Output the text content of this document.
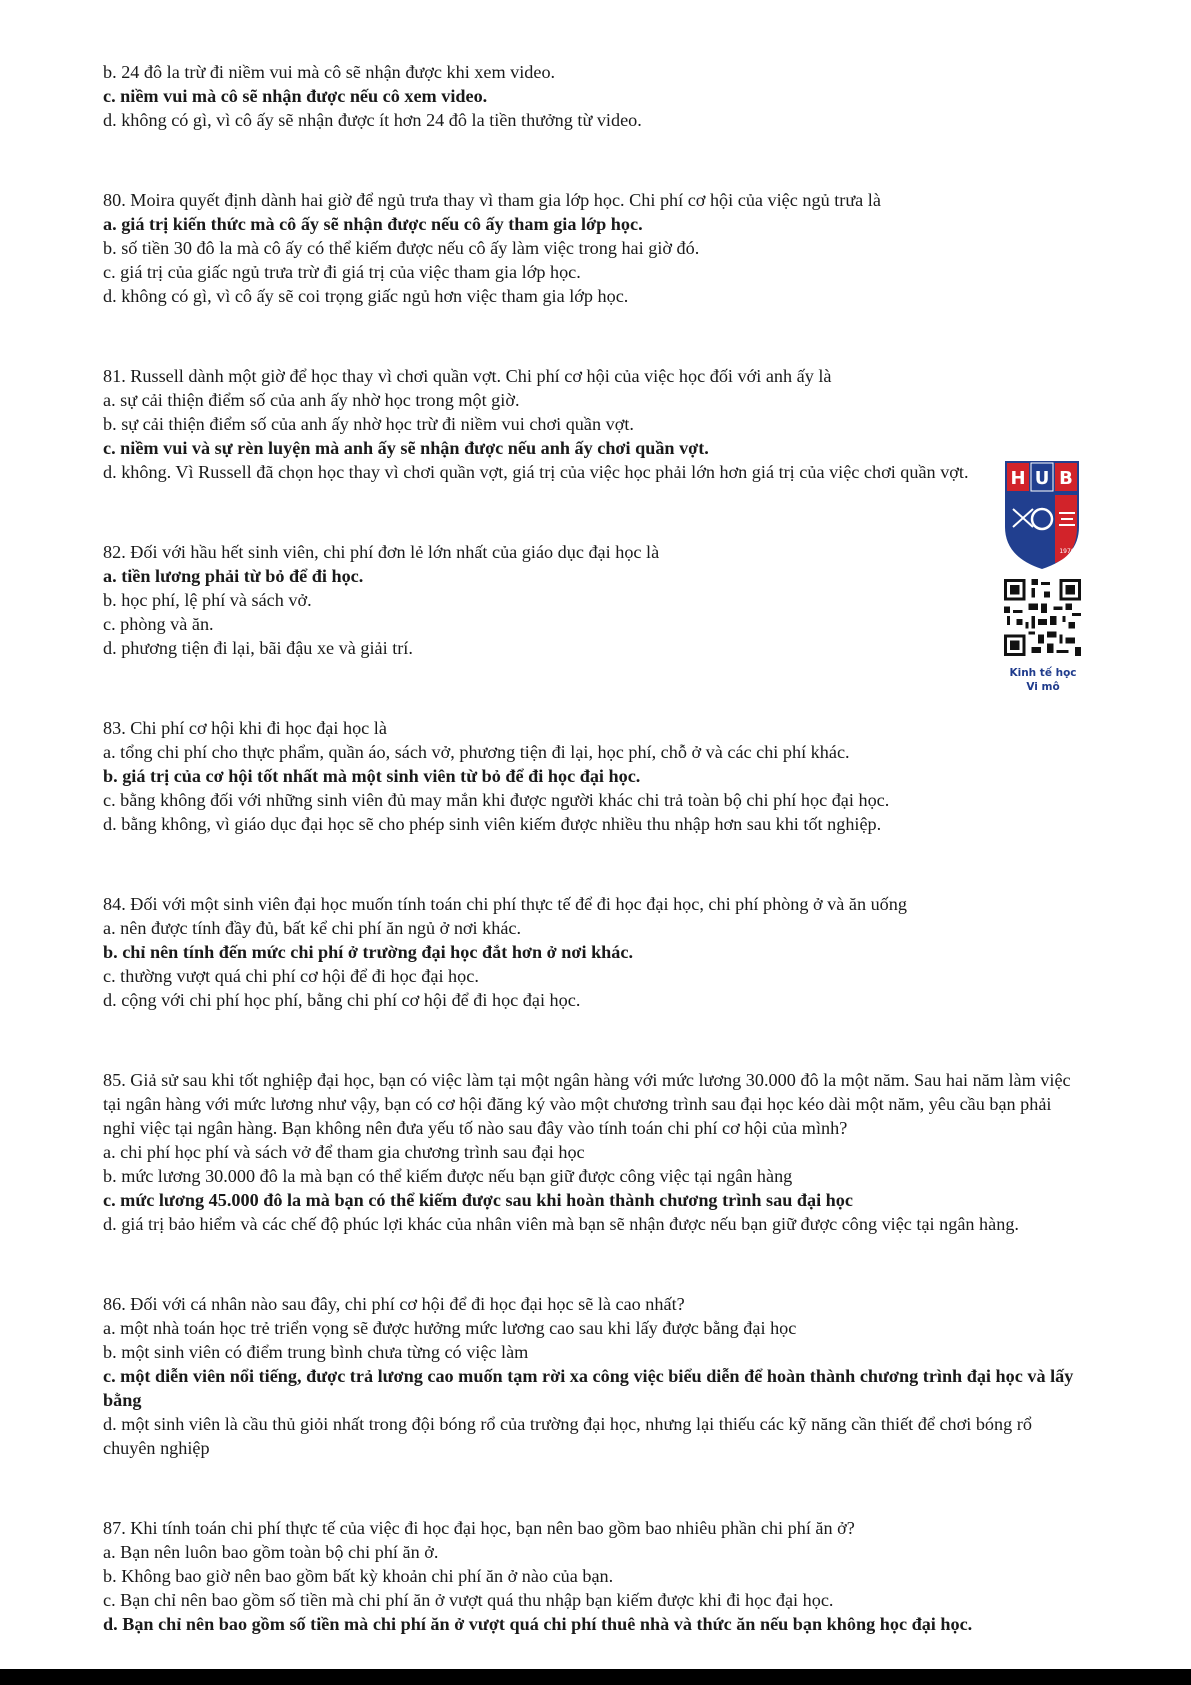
b. 24 đô la trừ đi niềm vui mà cô sẽ nhận được khi xem video.

c. niềm vui mà cô sẽ nhận được nếu cô xem video.

d. không có gì, vì cô ấy sẽ nhận được ít hơn 24 đô la tiền thưởng từ video.

80. Moira quyết định dành hai giờ để ngủ trưa thay vì tham gia lớp học. Chi phí cơ hội của việc ngủ trưa là

a. giá trị kiến thức mà cô ấy sẽ nhận được nếu cô ấy tham gia lớp học.

b. số tiền 30 đô la mà cô ấy có thể kiếm được nếu cô ấy làm việc trong hai giờ đó.

c. giá trị của giấc ngủ trưa trừ đi giá trị của việc tham gia lớp học.

d. không có gì, vì cô ấy sẽ coi trọng giấc ngủ hơn việc tham gia lớp học.

81. Russell dành một giờ để học thay vì chơi quần vợt. Chi phí cơ hội của việc học đối với anh ấy là

a. sự cải thiện điểm số của anh ấy nhờ học trong một giờ.

b. sự cải thiện điểm số của anh ấy nhờ học trừ đi niềm vui chơi quần vợt.

c. niềm vui và sự rèn luyện mà anh ấy sẽ nhận được nếu anh ấy chơi quần vợt.

d. không. Vì Russell đã chọn học thay vì chơi quần vợt, giá trị của việc học phải lớn hơn giá trị của việc chơi quần vợt.

82. Đối với hầu hết sinh viên, chi phí đơn lẻ lớn nhất của giáo dục đại học là

a. tiền lương phải từ bỏ để đi học.

b. học phí, lệ phí và sách vở.

c. phòng và ăn.

d. phương tiện đi lại, bãi đậu xe và giải trí.

83. Chi phí cơ hội khi đi học đại học là

a. tổng chi phí cho thực phẩm, quần áo, sách vở, phương tiện đi lại, học phí, chỗ ở và các chi phí khác.

b. giá trị của cơ hội tốt nhất mà một sinh viên từ bỏ để đi học đại học.

c. bằng không đối với những sinh viên đủ may mắn khi được người khác chi trả toàn bộ chi phí học đại học.

d. bằng không, vì giáo dục đại học sẽ cho phép sinh viên kiếm được nhiều thu nhập hơn sau khi tốt nghiệp.

84. Đối với một sinh viên đại học muốn tính toán chi phí thực tế để đi học đại học, chi phí phòng ở và ăn uống

a. nên được tính đầy đủ, bất kể chi phí ăn ngủ ở nơi khác.

b. chỉ nên tính đến mức chi phí ở trường đại học đắt hơn ở nơi khác.

c. thường vượt quá chi phí cơ hội để đi học đại học.

d. cộng với chi phí học phí, bằng chi phí cơ hội để đi học đại học.

85. Giả sử sau khi tốt nghiệp đại học, bạn có việc làm tại một ngân hàng với mức lương 30.000 đô la một năm. Sau hai năm làm việc tại ngân hàng với mức lương như vậy, bạn có cơ hội đăng ký vào một chương trình sau đại học kéo dài một năm, yêu cầu bạn phải nghỉ việc tại ngân hàng. Bạn không nên đưa yếu tố nào sau đây vào tính toán chi phí cơ hội của mình?

a. chi phí học phí và sách vở để tham gia chương trình sau đại học

b. mức lương 30.000 đô la mà bạn có thể kiếm được nếu bạn giữ được công việc tại ngân hàng

c. mức lương 45.000 đô la mà bạn có thể kiếm được sau khi hoàn thành chương trình sau đại học

d. giá trị bảo hiểm và các chế độ phúc lợi khác của nhân viên mà bạn sẽ nhận được nếu bạn giữ được công việc tại ngân hàng.

86. Đối với cá nhân nào sau đây, chi phí cơ hội để đi học đại học sẽ là cao nhất?

a. một nhà toán học trẻ triển vọng sẽ được hưởng mức lương cao sau khi lấy được bằng đại học

b. một sinh viên có điểm trung bình chưa từng có việc làm

c. một diễn viên nổi tiếng, được trả lương cao muốn tạm rời xa công việc biểu diễn để hoàn thành chương trình đại học và lấy bằng

d. một sinh viên là cầu thủ giỏi nhất trong đội bóng rổ của trường đại học, nhưng lại thiếu các kỹ năng cần thiết để chơi bóng rổ chuyên nghiệp

87. Khi tính toán chi phí thực tế của việc đi học đại học, bạn nên bao gồm bao nhiêu phần chi phí ăn ở?

a. Bạn nên luôn bao gồm toàn bộ chi phí ăn ở.

b. Không bao giờ nên bao gồm bất kỳ khoản chi phí ăn ở nào của bạn.

c. Bạn chỉ nên bao gồm số tiền mà chi phí ăn ở vượt quá thu nhập bạn kiếm được khi đi học đại học.

d. Bạn chỉ nên bao gồm số tiền mà chi phí ăn ở vượt quá chi phí thuê nhà và thức ăn nếu bạn không học đại học.

H U B
1976
Kinh tế học
Vi mô
